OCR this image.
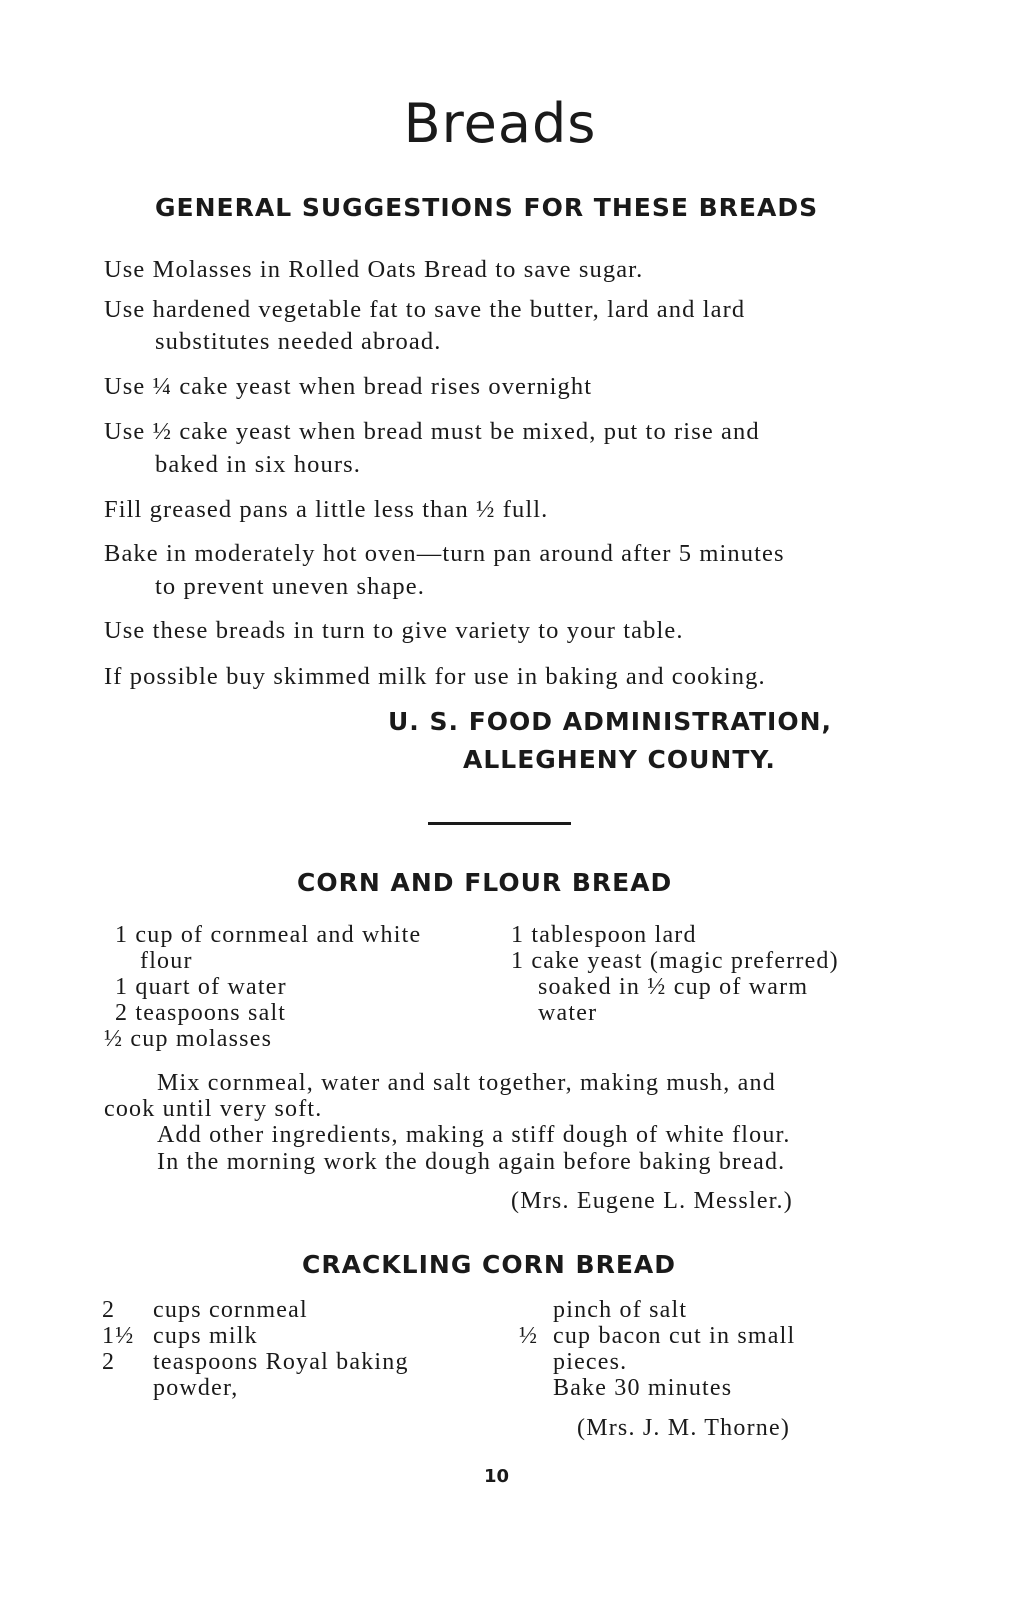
Breads
GENERAL SUGGESTIONS FOR THESE BREADS
Use Molasses in Rolled Oats Bread to save sugar.
Use hardened vegetable fat to save the butter, lard and lard
substitutes needed abroad.
Use ¼ cake yeast when bread rises overnight
Use ½ cake yeast when bread must be mixed, put to rise and
baked in six hours.
Fill greased pans a little less than ½ full.
Bake in moderately hot oven—turn pan around after 5 minutes
to prevent uneven shape.
Use these breads in turn to give variety to your table.
If possible buy skimmed milk for use in baking and cooking.
U. S. FOOD ADMINISTRATION,
ALLEGHENY COUNTY.
CORN AND FLOUR BREAD
1 cup of cornmeal and white
flour
1 quart of water
2 teaspoons salt
½ cup molasses
1 tablespoon lard
1 cake yeast (magic preferred)
soaked in ½ cup of warm
water
Mix cornmeal, water and salt together, making mush, and
cook until very soft.
Add other ingredients, making a stiff dough of white flour.
In the morning work the dough again before baking bread.
(Mrs. Eugene L. Messler.)
CRACKLING CORN BREAD
2 cups cornmeal
1½ cups milk
2 teaspoons Royal baking
powder,
pinch of salt
½ cup bacon cut in small
pieces.
Bake 30 minutes
(Mrs. J. M. Thorne)
10
